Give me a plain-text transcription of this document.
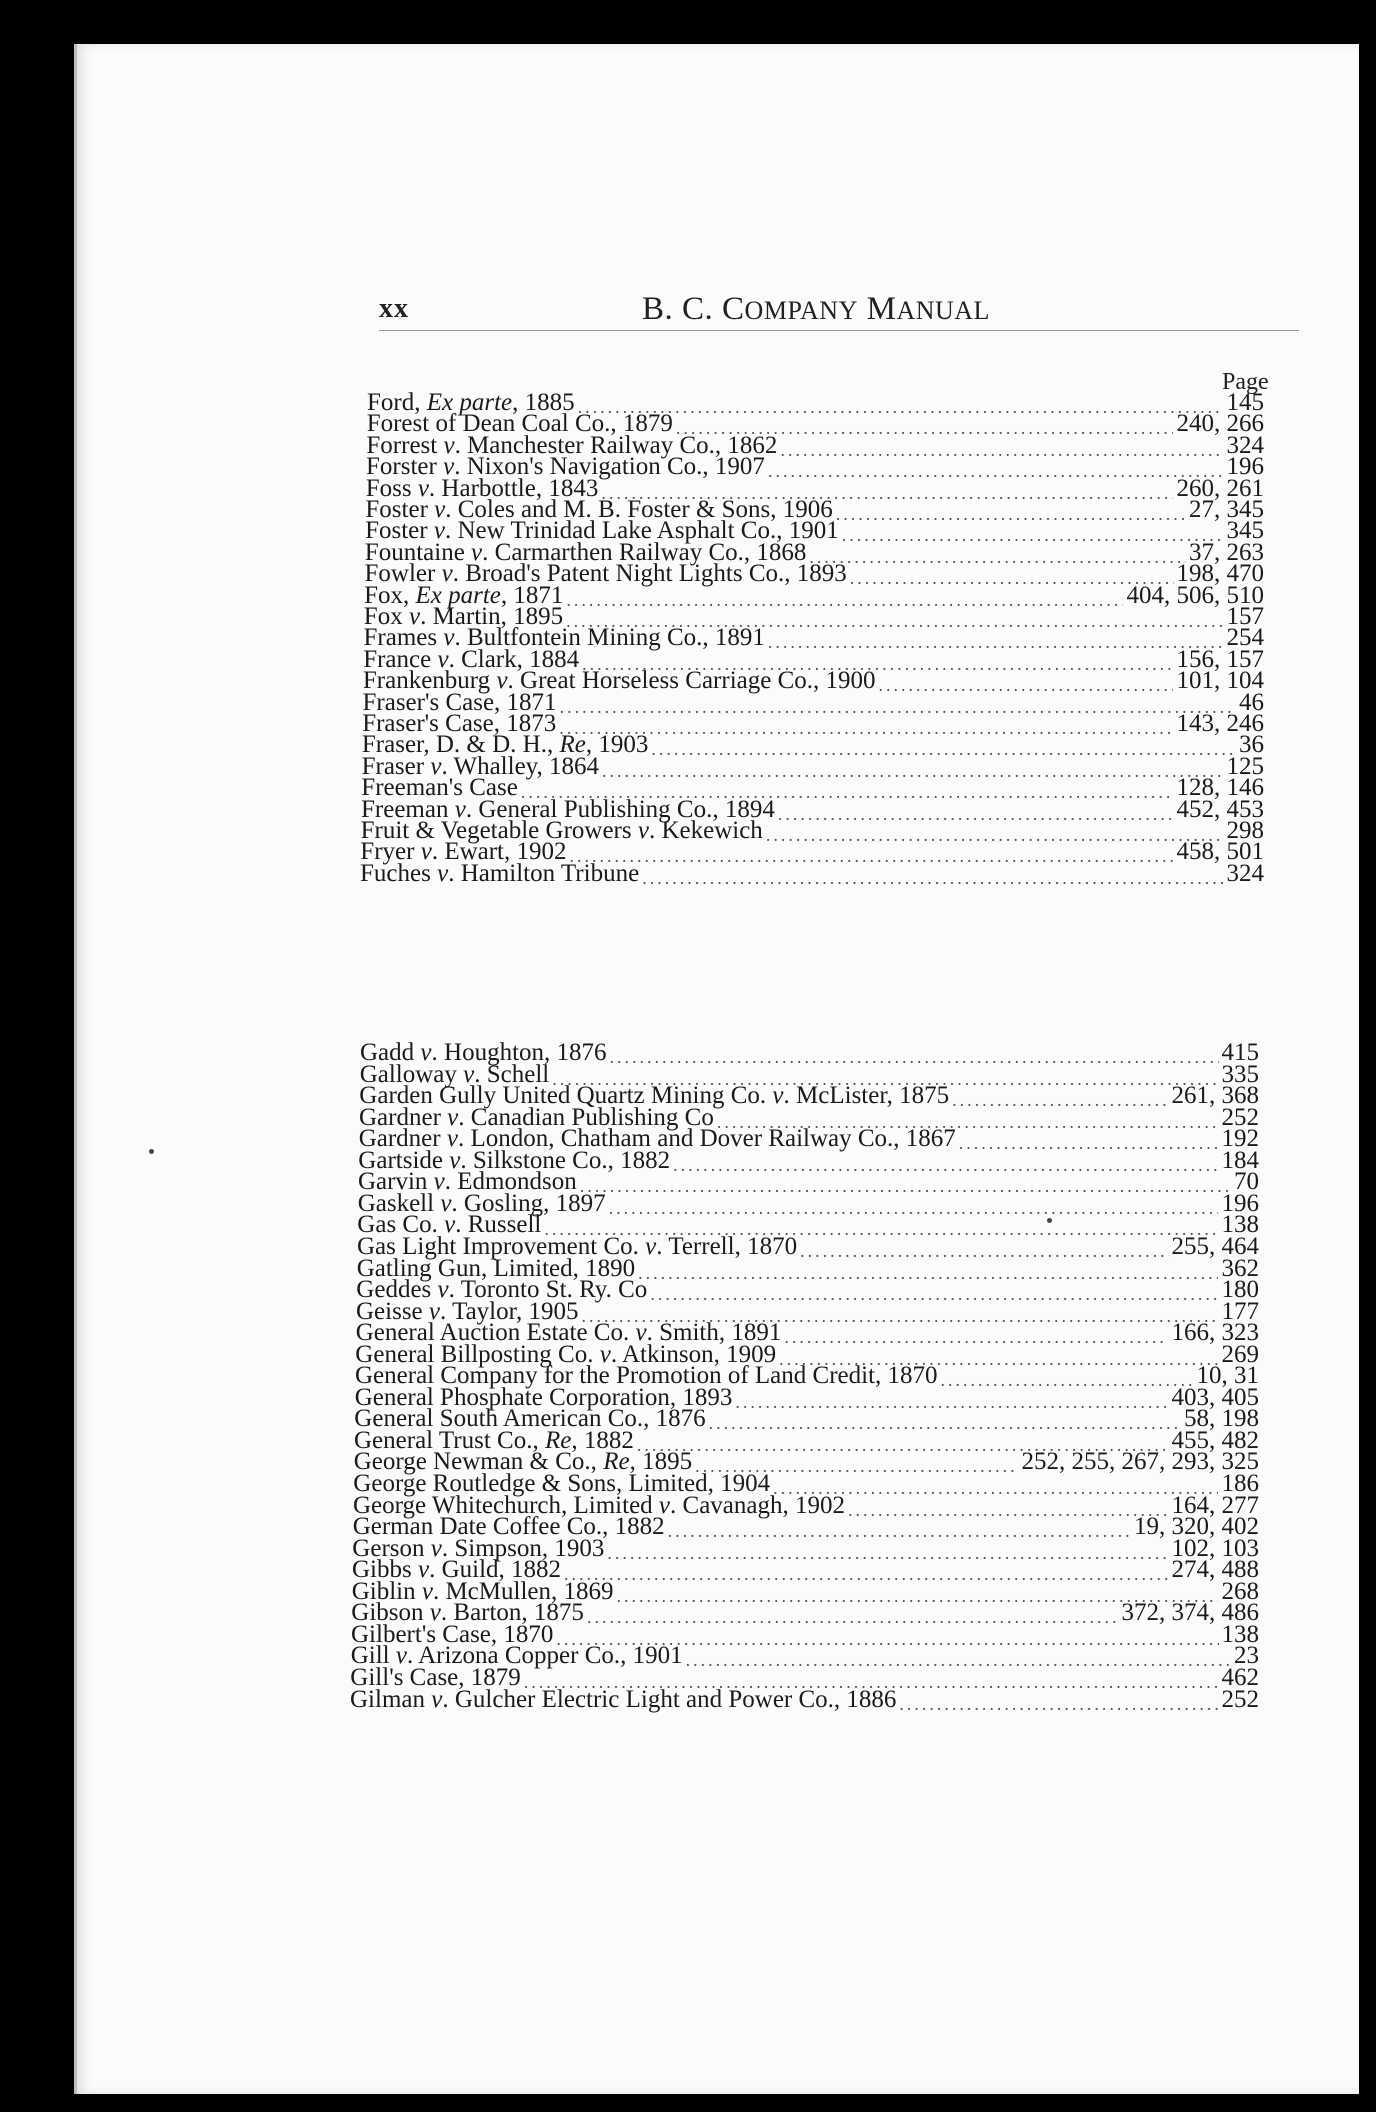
xx	B. C. COMPANY MANUAL
Page
Ford, Ex parte, 1885 .....	145
Forest of Dean Coal Co., 1879 .....	240, 266
Forrest v. Manchester Railway Co., 1862 .....	324
Forster v. Nixon's Navigation Co., 1907 .....	196
Foss v. Harbottle, 1843 .....	260, 261
Foster v. Coles and M. B. Foster & Sons, 1906 .....	27, 345
Foster v. New Trinidad Lake Asphalt Co., 1901 .....	345
Fountaine v. Carmarthen Railway Co., 1868 .....	37, 263
Fowler v. Broad's Patent Night Lights Co., 1893 .....	198, 470
Fox, Ex parte, 1871 .....	404, 506, 510
Fox v. Martin, 1895 .....	157
Frames v. Bultfontein Mining Co., 1891 .....	254
France v. Clark, 1884 .....	156, 157
Frankenburg v. Great Horseless Carriage Co., 1900 .....	101, 104
Fraser's Case, 1871 .....	46
Fraser's Case, 1873 .....	143, 246
Fraser, D. & D. H., Re, 1903 .....	36
Fraser v. Whalley, 1864 .....	125
Freeman's Case .....	128, 146
Freeman v. General Publishing Co., 1894 .....	452, 453
Fruit & Vegetable Growers v. Kekewich .....	298
Fryer v. Ewart, 1902 .....	458, 501
Fuches v. Hamilton Tribune .....	324
Gadd v. Houghton, 1876 .....	415
Galloway v. Schell .....	335
Garden Gully United Quartz Mining Co. v. McLister, 1875 .....	261, 368
Gardner v. Canadian Publishing Co .....	252
Gardner v. London, Chatham and Dover Railway Co., 1867 .....	192
Gartside v. Silkstone Co., 1882 .....	184
Garvin v. Edmondson .....	70
Gaskell v. Gosling, 1897 .....	196
Gas Co. v. Russell .....	138
Gas Light Improvement Co. v. Terrell, 1870 .....	255, 464
Gatling Gun, Limited, 1890 .....	362
Geddes v. Toronto St. Ry. Co .....	180
Geisse v. Taylor, 1905 .....	177
General Auction Estate Co. v. Smith, 1891 .....	166, 323
General Billposting Co. v. Atkinson, 1909 .....	269
General Company for the Promotion of Land Credit, 1870 .....	10, 31
General Phosphate Corporation, 1893 .....	403, 405
General South American Co., 1876 .....	58, 198
General Trust Co., Re, 1882 .....	455, 482
George Newman & Co., Re, 1895 .....	252, 255, 267, 293, 325
George Routledge & Sons, Limited, 1904 .....	186
George Whitechurch, Limited v. Cavanagh, 1902 .....	164, 277
German Date Coffee Co., 1882 .....	19, 320, 402
Gerson v. Simpson, 1903 .....	102, 103
Gibbs v. Guild, 1882 .....	274, 488
Giblin v. McMullen, 1869 .....	268
Gibson v. Barton, 1875 .....	372, 374, 486
Gilbert's Case, 1870 .....	138
Gill v. Arizona Copper Co., 1901 .....	23
Gill's Case, 1879 .....	462
Gilman v. Gulcher Electric Light and Power Co., 1886 .....	252
